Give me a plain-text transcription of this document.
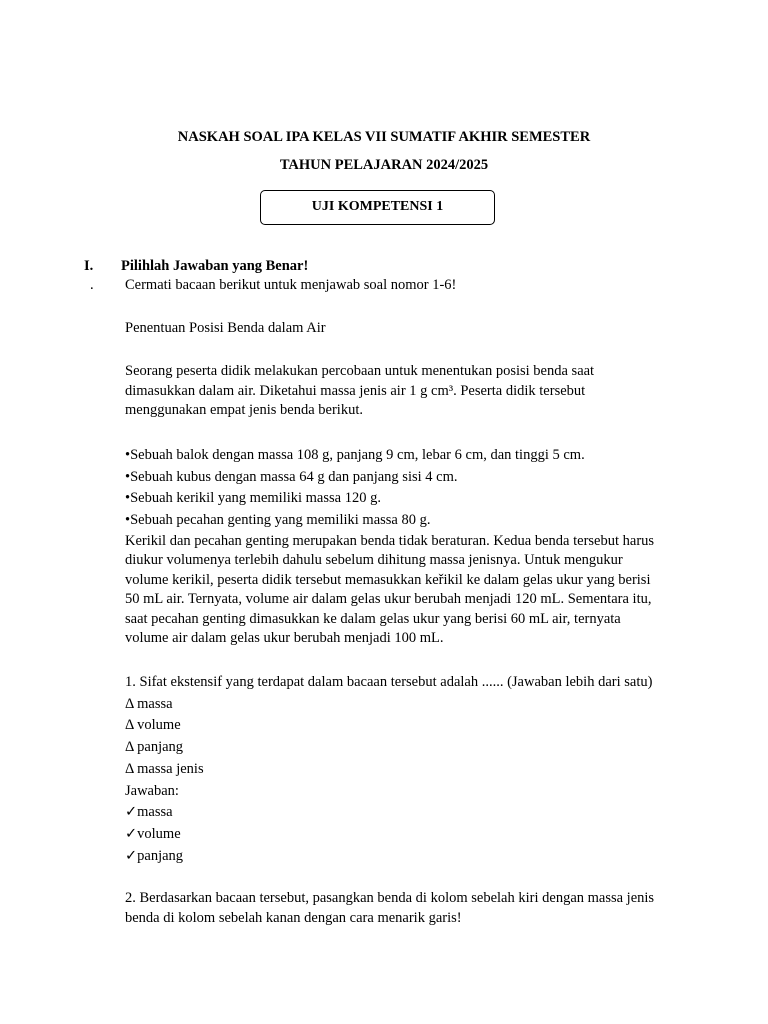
NASKAH SOAL IPA KELAS VII SUMATIF AKHIR SEMESTER
TAHUN PELAJARAN 2024/2025
UJI KOMPETENSI 1
I. Pilihlah Jawaban yang Benar!
. Cermati bacaan berikut untuk menjawab soal nomor 1-6!
Penentuan Posisi Benda dalam Air
Seorang peserta didik melakukan percobaan untuk menentukan posisi benda saat
dimasukkan dalam air. Diketahui massa jenis air 1 g cm³. Peserta didik tersebut
menggunakan empat jenis benda berikut.
•Sebuah balok dengan massa 108 g, panjang 9 cm, lebar 6 cm, dan tinggi 5 cm.
•Sebuah kubus dengan massa 64 g dan panjang sisi 4 cm.
•Sebuah kerikil yang memiliki massa 120 g.
•Sebuah pecahan genting yang memiliki massa 80 g.
Kerikil dan pecahan genting merupakan benda tidak beraturan. Kedua benda tersebut harus
diukur volumenya terlebih dahulu sebelum dihitung massa jenisnya. Untuk mengukur
volume kerikil, peserta didik tersebut memasukkan keřikil ke dalam gelas ukur yang berisi
50 mL air. Ternyata, volume air dalam gelas ukur berubah menjadi 120 mL. Sementara itu,
saat pecahan genting dimasukkan ke dalam gelas ukur yang berisi 60 mL air, ternyata
volume air dalam gelas ukur berubah menjadi 100 mL.
1. Sifat ekstensif yang terdapat dalam bacaan tersebut adalah ...... (Jawaban lebih dari satu)
Δ massa
Δ volume
Δ panjang
Δ massa jenis
Jawaban:
✓massa
✓volume
✓panjang
2. Berdasarkan bacaan tersebut, pasangkan benda di kolom sebelah kiri dengan massa jenis
benda di kolom sebelah kanan dengan cara menarik garis!
